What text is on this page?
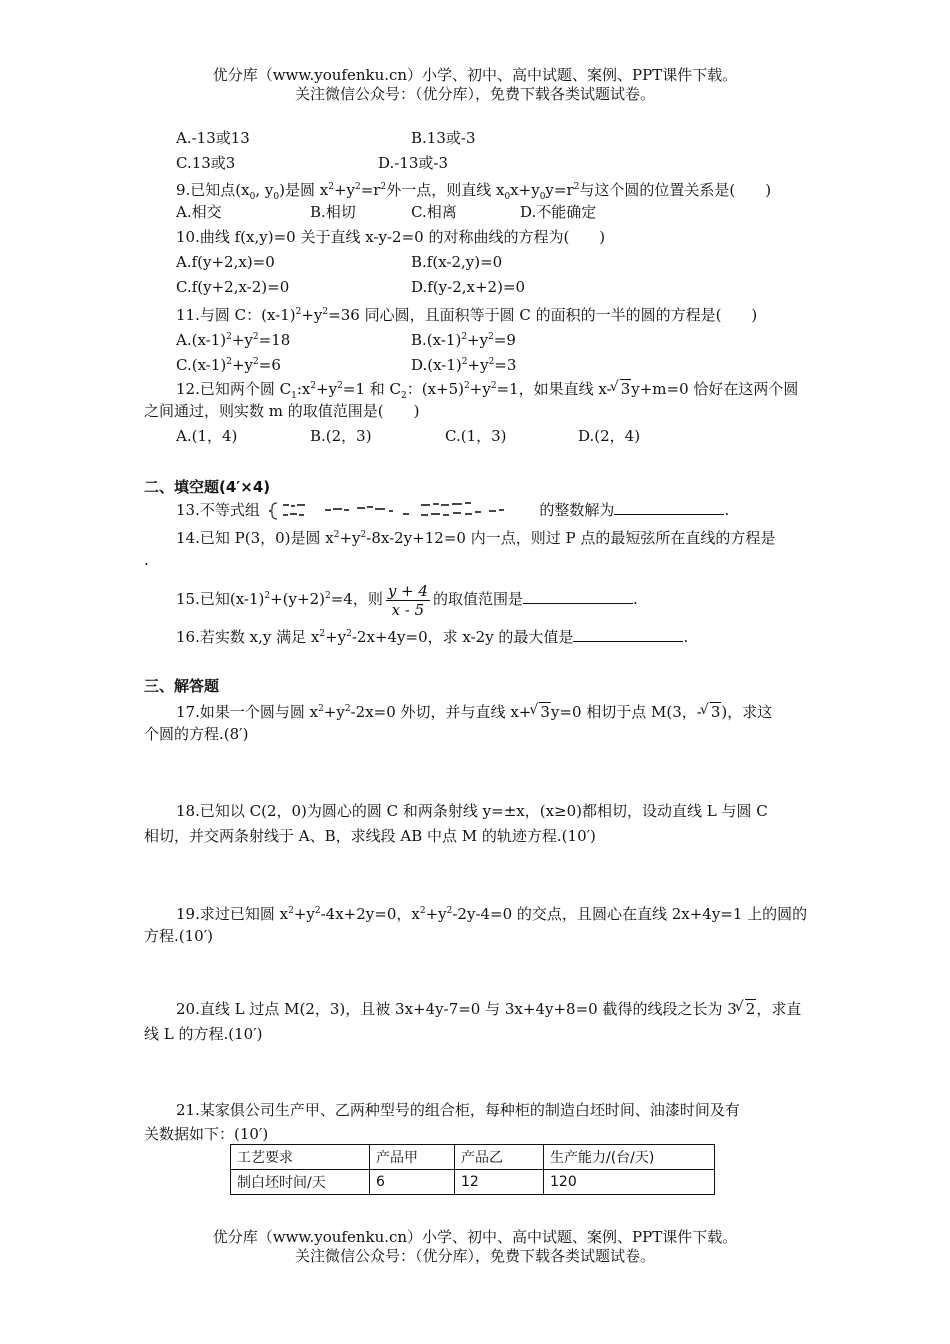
优分库（www.youfenku.cn）小学、初中、高中试题、案例、PPT课件下载。
关注微信公众号：（优分库），免费下载各类试题试卷。
A.-13或13	B.13或-3
C.13或3	D.-13或-3
9.已知点($x_0$, $y_0$)是圆 $x^2+y^2=r^2$外一点，则直线 $x_0x+y_0y=r^2$与这个圆的位置关系是(　　)
A.相交	B.相切	C.相离	D.不能确定
10.曲线 f(x,y)=0 关于直线 x-y-2=0 的对称曲线的方程为(　　)
A.f(y+2,x)=0	B.f(x-2,y)=0
C.f(y+2,x-2)=0	D.f(y-2,x+2)=0
11.与圆 C：$(x-1)^2+y^2=36$ 同心圆，且面积等于圆 C 的面积的一半的圆的方程是(　　)
$A.(x-1)^2+y^2=18$	$B.(x-1)^2+y^2=9$
$C.(x-1)^2+y^2=6$	$D.(x-1)^2+y^2=3$
12.已知两个圆 $C_1:x^2+y^2=1$ 和 $C_2$：$(x+5)^2+y^2=1$，如果直线 x- √ 3y+m=0 恰好在这两个圆
之间通过，则实数 m 的取值范围是(　　)
A.(1，4)	B.(2，3)	C.(1，3)	D.(2，4)
二、填空题(4′×4)
13.不等式组	的整数解为	.
14.已知 P(3，0)是圆 $x^2+y^2-8x-2y+12=0$ 内一点，则过 P 点的最短弦所在直线的方程是
.
15.已知$(x-1)^2+(y+2)^2=4$，则 $\frac{y + 4}{x - 5}$ 的取值范围是	.
16.若实数 x,y 满足 $x^2+y^2-2x+4y=0$，求 x-2y 的最大值是	.
三、解答题
17.如果一个圆与圆 $x^2+y^2-2x=0$ 外切，并与直线 x+ √ 3y=0 相切于点 M(3，- √ 3)，求这
个圆的方程.(8′)
18.已知以 C(2，0)为圆心的圆 C 和两条射线 y=±x，(x≥0)都相切，设动直线 L 与圆 C
相切，并交两条射线于 A、B，求线段 AB 中点 M 的轨迹方程.(10′)
19.求过已知圆 $x^2+y^2-4x+2y=0$，$x^2+y^2-2y-4=0$ 的交点，且圆心在直线 2x+4y=1 上的圆的
方程.(10′)
20.直线 L 过点 M(2，3)，且被 3x+4y-7=0 与 3x+4y+8=0 截得的线段之长为 3 √ 2，求直
线 L 的方程.(10′)
21.某家俱公司生产甲、乙两种型号的组合柜，每种柜的制造白坯时间、油漆时间及有
关数据如下：(10′)
工艺要求	产品甲	产品乙	生产能力/(台/天)
制白坯时间/天	6	12	120
优分库（www.youfenku.cn）小学、初中、高中试题、案例、PPT课件下载。
关注微信公众号：（优分库），免费下载各类试题试卷。
